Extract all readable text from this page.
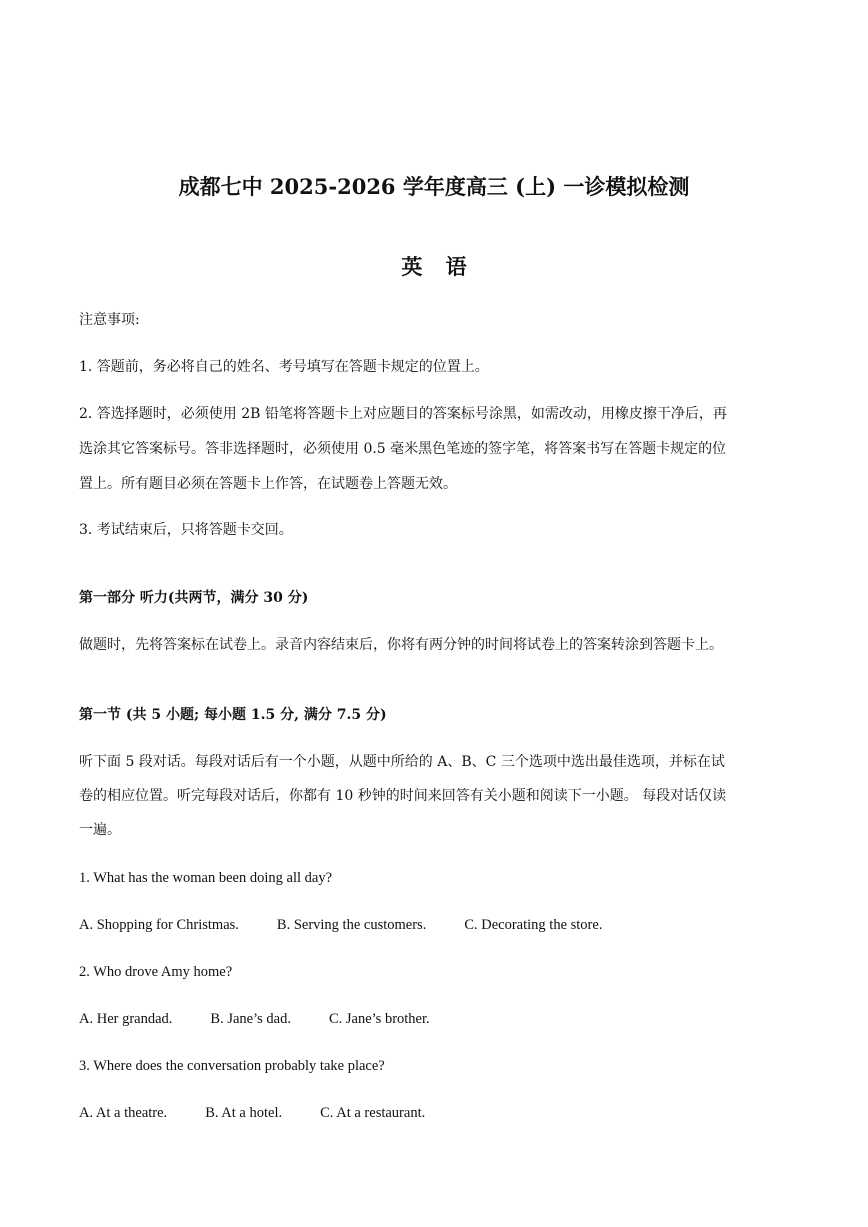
成都七中 2025-2026 学年度高三 (上) 一诊模拟检测
英 语
注意事项:
1. 答题前，务必将自己的姓名、考号填写在答题卡规定的位置上。
2. 答选择题时，必须使用 2B 铅笔将答题卡上对应题目的答案标号涂黑，如需改动，用橡皮擦干净后，再
选涂其它答案标号。答非选择题时，必须使用 0.5 毫米黑色笔迹的签字笔，将答案书写在答题卡规定的位
置上。所有题目必须在答题卡上作答，在试题卷上答题无效。
3. 考试结束后，只将答题卡交回。
第一部分 听力(共两节，满分 30 分)
做题时，先将答案标在试卷上。录音内容结束后，你将有两分钟的时间将试卷上的答案转涂到答题卡上。
第一节 (共 5 小题; 每小题 1.5 分, 满分 7.5 分)
听下面 5 段对话。每段对话后有一个小题，从题中所给的 A、B、C 三个选项中选出最佳选项，并标在试
卷的相应位置。听完每段对话后，你都有 10 秒钟的时间来回答有关小题和阅读下一小题。 每段对话仅读
一遍。
1. What has the woman been doing all day?
A. Shopping for Christmas.	B. Serving the customers.	C. Decorating the store.
2. Who drove Amy home?
A. Her grandad.	B. Jane’s dad.	C. Jane’s brother.
3. Where does the conversation probably take place?
A. At a theatre.	B. At a hotel.	C. At a restaurant.
